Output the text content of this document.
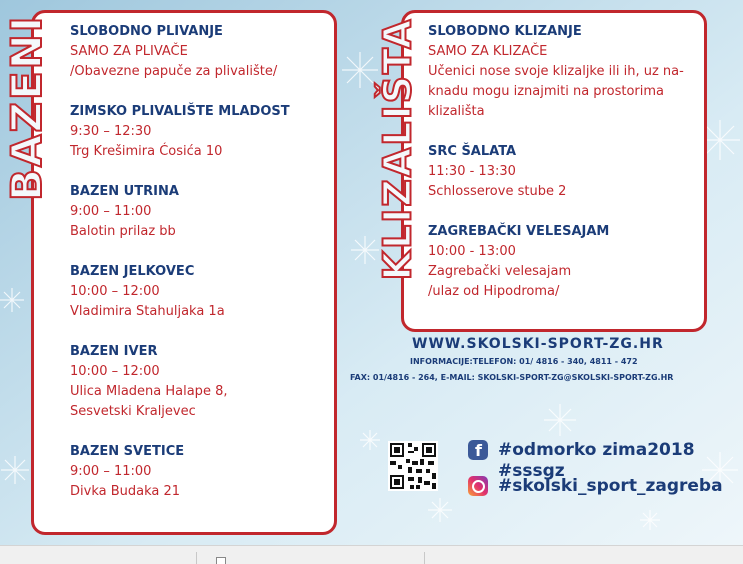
BAZENI	KLIZALIŠTA
SLOBODNO PLIVANJE
SAMO ZA PLIVAČE
/Obavezne papuče za plivalište/
ZIMSKO PLIVALIŠTE MLADOST
9:30 – 12:30
Trg Krešimira Ćosića 10
BAZEN UTRINA
9:00 – 11:00
Balotin prilaz bb
BAZEN JELKOVEC
10:00 – 12:00
Vladimira Stahuljaka 1a
BAZEN IVER
10:00 – 12:00
Ulica Mladena Halape 8,
Sesvetski Kraljevec
BAZEN SVETICE
9:00 – 11:00
Divka Budaka 21
SLOBODNO KLIZANJE
SAMO ZA KLIZAČE
Učenici nose svoje klizaljke ili ih, uz na-
knadu mogu iznajmiti na prostorima
klizališta
SRC ŠALATA
11:30 - 13:30
Schlosserove stube 2
ZAGREBAČKI VELESAJAM
10:00 - 13:00
Zagrebački velesajam
/ulaz od Hipodroma/
WWW.SKOLSKI-SPORT-ZG.HR
INFORMACIJE:TELEFON: 01/ 4816 - 340, 4811 - 472
FAX: 01/4816 - 264, E-MAIL: SKOLSKI-SPORT-ZG@SKOLSKI-SPORT-ZG.HR
f #odmorko zima2018
#sssgz
#skolski_sport_zagreba
